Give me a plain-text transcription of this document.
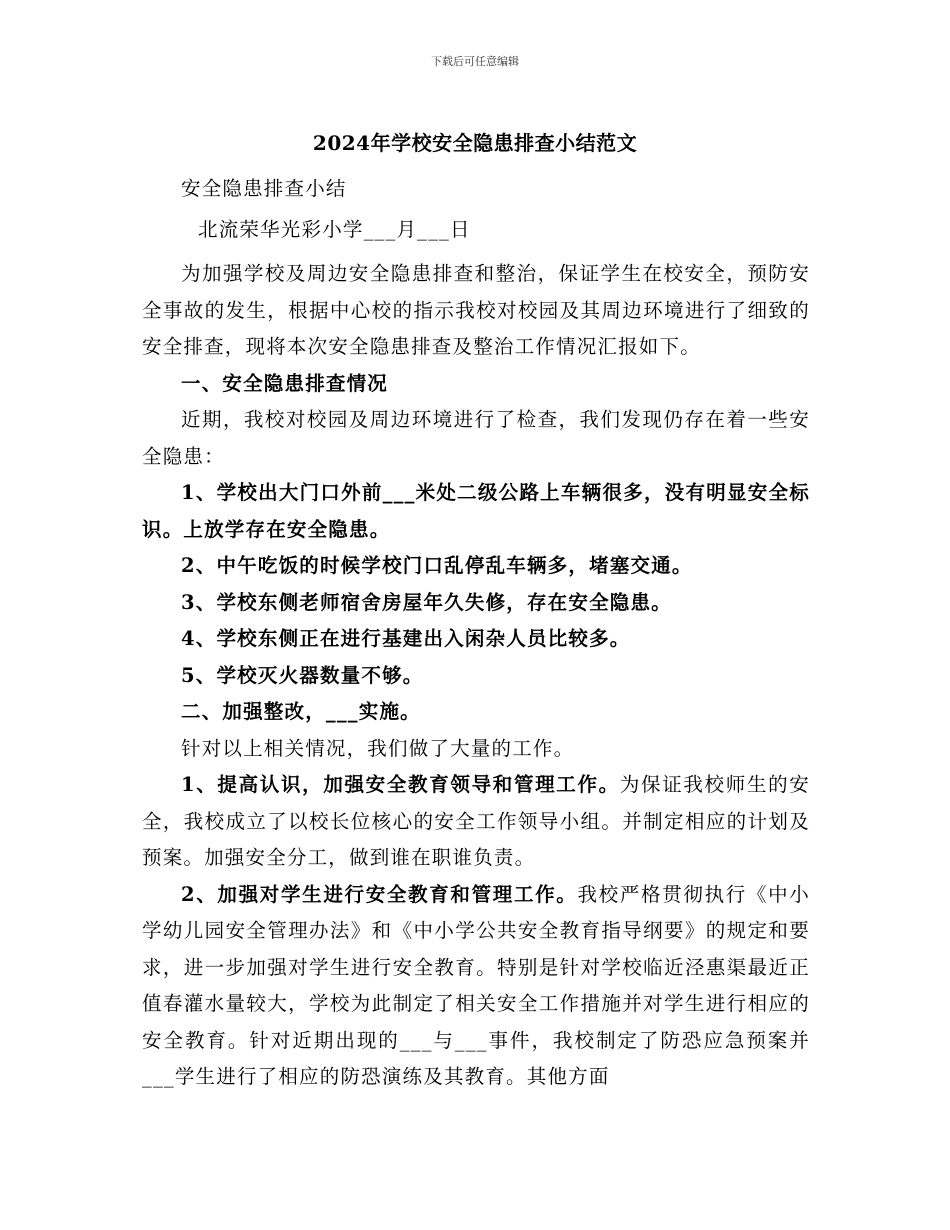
下载后可任意编辑
2024年学校安全隐患排查小结范文

安全隐患排查小结

北流荣华光彩小学___月___日

为加强学校及周边安全隐患排查和整治，保证学生在校安全，预防安全事故的发生，根据中心校的指示我校对校园及其周边环境进行了细致的安全排查，现将本次安全隐患排查及整治工作情况汇报如下。

一、安全隐患排查情况

近期，我校对校园及周边环境进行了检查，我们发现仍存在着一些安全隐患：

1、学校出大门口外前___米处二级公路上车辆很多，没有明显安全标识。上放学存在安全隐患。

2、中午吃饭的时候学校门口乱停乱车辆多，堵塞交通。

3、学校东侧老师宿舍房屋年久失修，存在安全隐患。

4、学校东侧正在进行基建出入闲杂人员比较多。

5、学校灭火器数量不够。

二、加强整改，___实施。

针对以上相关情况，我们做了大量的工作。

1、提高认识，加强安全教育领导和管理工作。为保证我校师生的安全，我校成立了以校长位核心的安全工作领导小组。并制定相应的计划及预案。加强安全分工，做到谁在职谁负责。

2、加强对学生进行安全教育和管理工作。我校严格贯彻执行《中小学幼儿园安全管理办法》和《中小学公共安全教育指导纲要》的规定和要求，进一步加强对学生进行安全教育。特别是针对学校临近泾惠渠最近正值春灌水量较大，学校为此制定了相关安全工作措施并对学生进行相应的安全教育。针对近期出现的___与___事件，我校制定了防恐应急预案并___学生进行了相应的防恐演练及其教育。其他方面
